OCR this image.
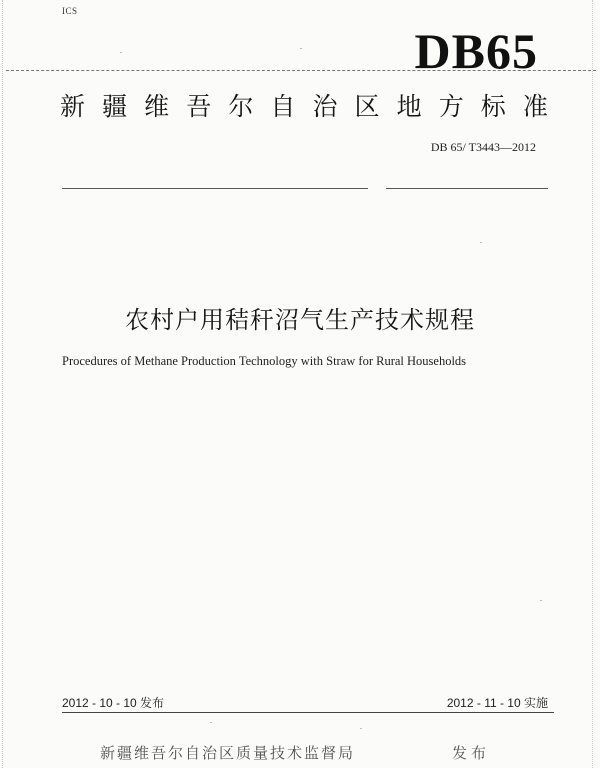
ICS
DB65
新 疆 维 吾 尔 自 治 区 地 方 标 准
DB 65/ T3443—2012
农村户用秸秆沼气生产技术规程
Procedures of Methane Production Technology with Straw for Rural Households
2012 - 10 - 10 发布	2012 - 11 - 10 实施
新疆维吾尔自治区质量技术监督局	发布
